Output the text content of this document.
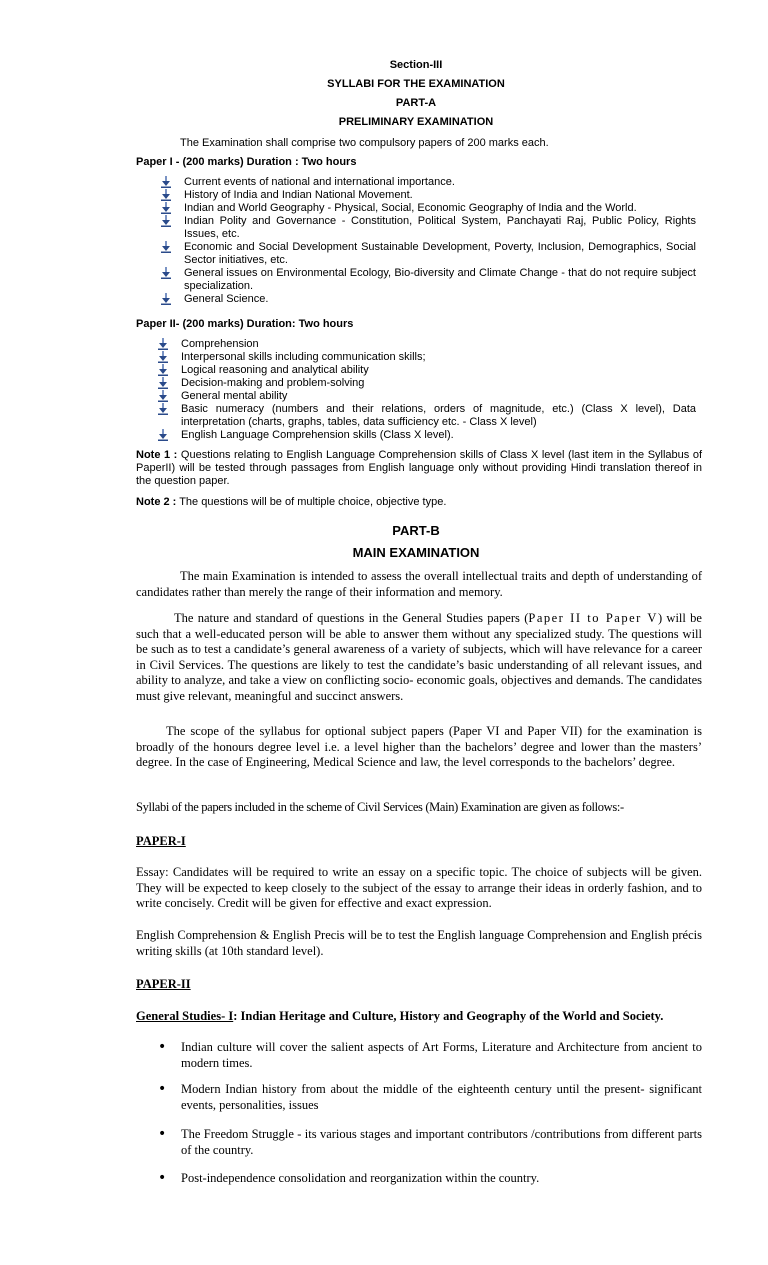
Section-III
SYLLABI FOR THE EXAMINATION
PART-A
PRELIMINARY EXAMINATION
The Examination shall comprise two compulsory papers of 200 marks each.
Paper I - (200 marks) Duration : Two hours
Current events of national and international importance.
History of India and Indian National Movement.
Indian and World Geography - Physical, Social, Economic Geography of India and the World.
Indian Polity and Governance - Constitution, Political System, Panchayati Raj, Public Policy, Rights Issues, etc.
Economic and Social Development Sustainable Development, Poverty, Inclusion, Demographics, Social Sector initiatives, etc.
General issues on Environmental Ecology, Bio-diversity and Climate Change - that do not require subject specialization.
General Science.
Paper II- (200 marks) Duration: Two hours
Comprehension
Interpersonal skills including communication skills;
Logical reasoning and analytical ability
Decision-making and problem-solving
General mental ability
Basic numeracy (numbers and their relations, orders of magnitude, etc.) (Class X level), Data interpretation (charts, graphs, tables, data sufficiency etc. - Class X level)
English Language Comprehension skills (Class X level).
Note 1 : Questions relating to English Language Comprehension skills of Class X level (last item in the Syllabus of PaperII) will be tested through passages from English language only without providing Hindi translation thereof in the question paper.
Note 2 : The questions will be of multiple choice, objective type.
PART-B
MAIN EXAMINATION
The main Examination is intended to assess the overall intellectual traits and depth of understanding of candidates rather than merely the range of their information and memory.
The nature and standard of questions in the General Studies papers (Paper II to Paper V) will be such that a well-educated person will be able to answer them without any specialized study. The questions will be such as to test a candidate’s general awareness of a variety of subjects, which will have relevance for a career in Civil Services. The questions are likely to test the candidate’s basic understanding of all relevant issues, and ability to analyze, and take a view on conflicting socio- economic goals, objectives and demands. The candidates must give relevant, meaningful and succinct answers.
The scope of the syllabus for optional subject papers (Paper VI and Paper VII) for the examination is broadly of the honours degree level i.e. a level higher than the bachelors’ degree and lower than the masters’ degree. In the case of Engineering, Medical Science and law, the level corresponds to the bachelors’ degree.
Syllabi of the papers included in the scheme of Civil Services (Main) Examination are given as follows:-
PAPER-I
Essay: Candidates will be required to write an essay on a specific topic. The choice of subjects will be given. They will be expected to keep closely to the subject of the essay to arrange their ideas in orderly fashion, and to write concisely. Credit will be given for effective and exact expression.
English Comprehension & English Precis will be to test the English language Comprehension and English précis writing skills (at 10th standard level).
PAPER-II
General Studies- I: Indian Heritage and Culture, History and Geography of the World and Society.
• Indian culture will cover the salient aspects of Art Forms, Literature and Architecture from ancient to modern times.
• Modern Indian history from about the middle of the eighteenth century until the present- significant events, personalities, issues
• The Freedom Struggle - its various stages and important contributors /contributions from different parts of the country.
• Post-independence consolidation and reorganization within the country.
